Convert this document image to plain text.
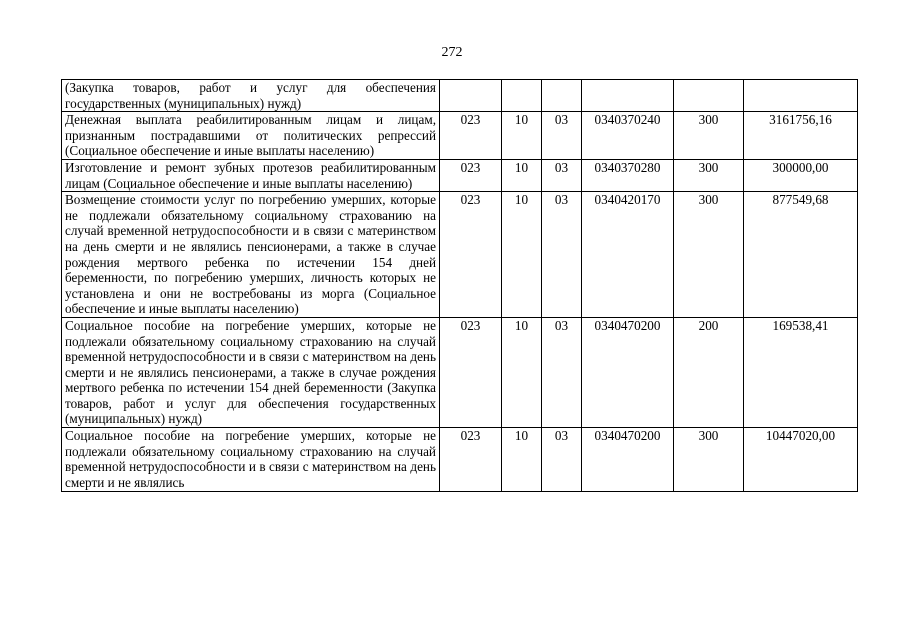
272
(Закупка товаров, работ и услуг для обеспечения государственных (муниципальных) нужд)						
Денежная выплата реабилитированным лицам и лицам, признанным пострадавшими от политических репрессий (Социальное обеспечение и иные выплаты населению)	023	10	03	0340370240	300	3161756,16
Изготовление и ремонт зубных протезов реабилитированным лицам (Социальное обеспечение и иные выплаты населению)	023	10	03	0340370280	300	300000,00
Возмещение стоимости услуг по погребению умерших, которые не подлежали обязательному социальному страхованию на случай временной нетрудоспособности и в связи с материнством на день смерти и не являлись пенсионерами, а также в случае рождения мертвого ребенка по истечении 154 дней беременности, по погребению умерших, личность которых не установлена и они не востребованы из морга (Социальное обеспечение и иные выплаты населению)	023	10	03	0340420170	300	877549,68
Социальное пособие на погребение умерших, которые не подлежали обязательному социальному страхованию на случай временной нетрудоспособности и в связи с материнством на день смерти и не являлись пенсионерами, а также в случае рождения мертвого ребенка по истечении 154 дней беременности (Закупка товаров, работ и услуг для обеспечения государственных (муниципальных) нужд)	023	10	03	0340470200	200	169538,41
Социальное пособие на погребение умерших, которые не подлежали обязательному социальному страхованию на случай временной нетрудоспособности и в связи с материнством на день смерти и не являлись	023	10	03	0340470200	300	10447020,00
